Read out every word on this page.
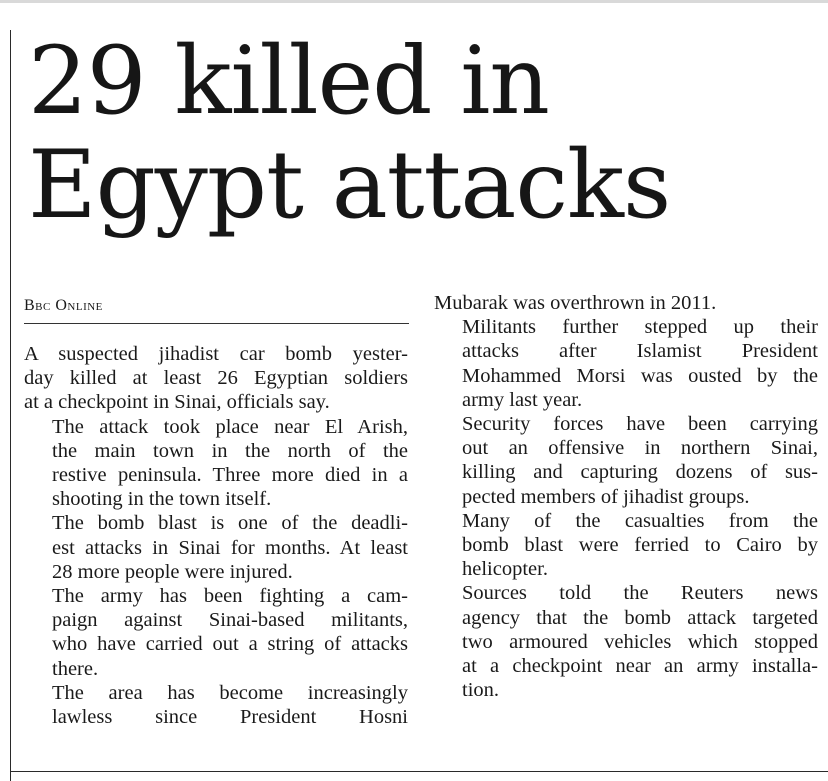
29 killed in
Egypt attacks
Bbc Online

A suspected jihadist car bomb yester-
day killed at least 26 Egyptian soldiers
at a checkpoint in Sinai, officials say.

The attack took place near El Arish,
the main town in the north of the
restive peninsula. Three more died in a
shooting in the town itself.

The bomb blast is one of the deadli-
est attacks in Sinai for months. At least
28 more people were injured.

The army has been fighting a cam-
paign against Sinai-based militants,
who have carried out a string of attacks
there.

The area has become increasingly
lawless since President Hosni

Mubarak was overthrown in 2011.

Militants further stepped up their
attacks after Islamist President
Mohammed Morsi was ousted by the
army last year.

Security forces have been carrying
out an offensive in northern Sinai,
killing and capturing dozens of sus-
pected members of jihadist groups.

Many of the casualties from the
bomb blast were ferried to Cairo by
helicopter.

Sources told the Reuters news
agency that the bomb attack targeted
two armoured vehicles which stopped
at a checkpoint near an army installa-
tion.
